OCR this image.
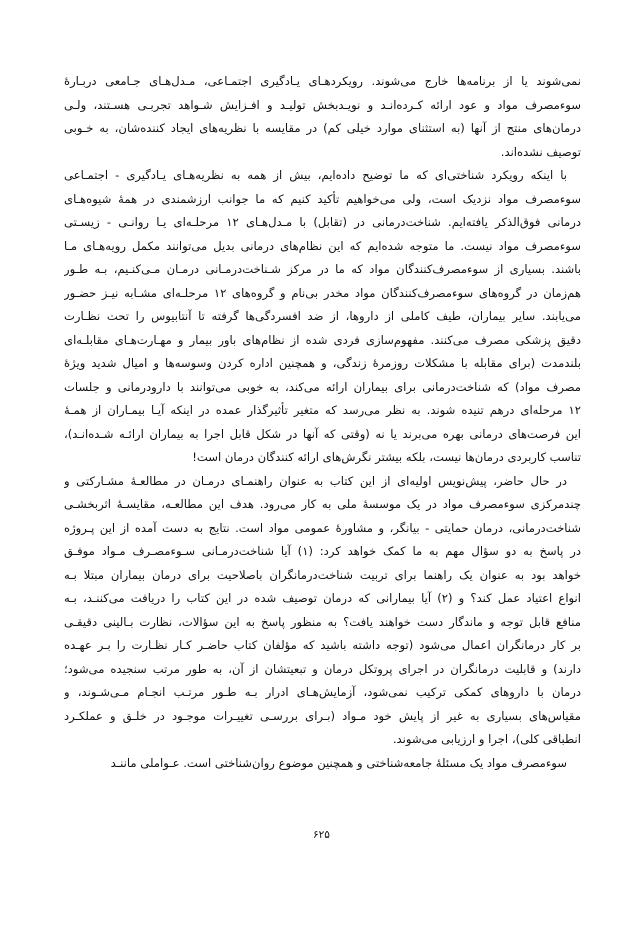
نمی‌شوند یا از برنامه‌ها خارج می‌شوند. رویکردهـای یـادگیری اجتمـاعی، مـدل‌هـای جـامعی دربـارۀ
سوءمصرف مواد و عود ارائه کـرده‌انـد و نویـدبخش تولیـد و افـزایش شـواهد تجربـی هسـتند، ولـی
درمان‌های منتج از آنها (به استثنای موارد خیلی کم) در مقایسه با نظریه‌های ایجاد کننده‌شان، به خـوبی
توصیف نشده‌اند.
با اینکه رویکرد شناختی‌ای که ما توضیح داده‌ایم، بیش از همه به نظریه‌هـای یـادگیری - اجتمـاعی
سوءمصرف مواد نزدیک است، ولی می‌خواهیم تأکید کنیم که ما جوانب ارزشمندی در همۀ شیوه‌هـای
درمانی فوق‌الذکر یافته‌ایم. شناخت‌درمانی در (تقابل) با مـدل‌هـای ۱۲ مرحلـه‌ای یـا روانـی - زیسـتی
سوءمصرف مواد نیست. ما متوجه شده‌ایم که این نظام‌های درمانی بدیل می‌توانند مکمل رویه‌هـای مـا
باشند. بسیاری از سوءمصرف‌کنندگان مواد که ما در مرکز شـناخت‌درمـانی درمـان مـی‌کنـیم، بـه طـور
هم‌زمان در گروه‌های سوءمصرف‌کنندگان مواد مخدر بی‌نام و گروه‌های ۱۲ مرحلـه‌ای مشـابه نیـز حضـور
می‌یابند. سایر بیماران، طیف کاملی از داروها، از ضد افسردگی‌ها گرفته تا آنتابیوس را تحت نظـارت
دقیق پزشکی مصرف می‌کنند. مفهوم‌سازی فردی شده از نظام‌های باور بیمار و مهـارت‌هـای مقابلـه‌ای
بلندمدت (برای مقابله با مشکلات روزمرۀ زندگی، و همچنین اداره کردن وسوسه‌ها و امیال شدید ویژۀ
مصرف مواد) که شناخت‌درمانی برای بیماران ارائه می‌کند، به خوبی می‌توانند با دارودرمانی و جلسات
۱۲ مرحله‌ای درهم تنیده شوند. به نظر می‌رسد که متغیر تأثیرگذار عمده در اینکه آیـا بیمـاران از همـۀ
این فرصت‌های درمانی بهره می‌برند یا نه (وقتی که آنها در شکل قابل اجرا به بیماران ارائـه شـده‌انـد)،
تناسب کاربردی درمان‌ها نیست، بلکه بیشتر نگرش‌های ارائه کنندگان درمان است!
در حال حاضر، پیش‌نویس اولیه‌ای از این کتاب به عنوان راهنمـای درمـان در مطالعـۀ مشـارکتی و
چندمرکزی سوءمصرف مواد در یک موسسۀ ملی به کار می‌رود. هدف این مطالعـه، مقایسـۀ اثربخشـی
شناخت‌درمانی، درمان حمایتی - بیانگر، و مشاورۀ عمومی مواد است. نتایج به دست آمده از این پـروژه
در پاسخ به دو سؤال مهم به ما کمک خواهد کرد: (۱) آیا شناخت‌درمـانی سـوءمصـرف مـواد موفـق
خواهد بود به عنوان یک راهنما برای تربیت شناخت‌درمانگران باصلاحیت برای درمان بیماران مبتلا بـه
انواع اعتیاد عمل کند؟ و (۲) آیا بیمارانی که درمان توصیف شده در این کتاب را دریافت می‌کننـد، بـه
منافع قابل توجه و ماندگار دست خواهند یافت؟ به منظور پاسخ به این سؤالات، نظارت بـالینی دقیقـی
بر کار درمانگران اعمال می‌شود (توجه داشته باشید که مؤلفان کتاب حاضـر کـار نظـارت را بـر عهـده
دارند) و قابلیت درمانگران در اجرای پروتکل درمان و تبعیتشان از آن، به طور مرتب سنجیده می‌شود؛
درمان با داروهای کمکی ترکیب نمی‌شود، آزمایش‌هـای ادرار بـه طـور مرتـب انجـام مـی‌شـوند، و
مقیاس‌های بسیاری به غیر از پایش خود مـواد (بـرای بررسـی تغییـرات موجـود در خلـق و عملکـرد
انطباقی کلی)، اجرا و ارزیابی می‌شوند.
سوءمصرف مواد یک مسئلۀ جامعه‌شناختی و همچنین موضوع روان‌شناختی است. عـواملی ماننـد
۶۲۵
